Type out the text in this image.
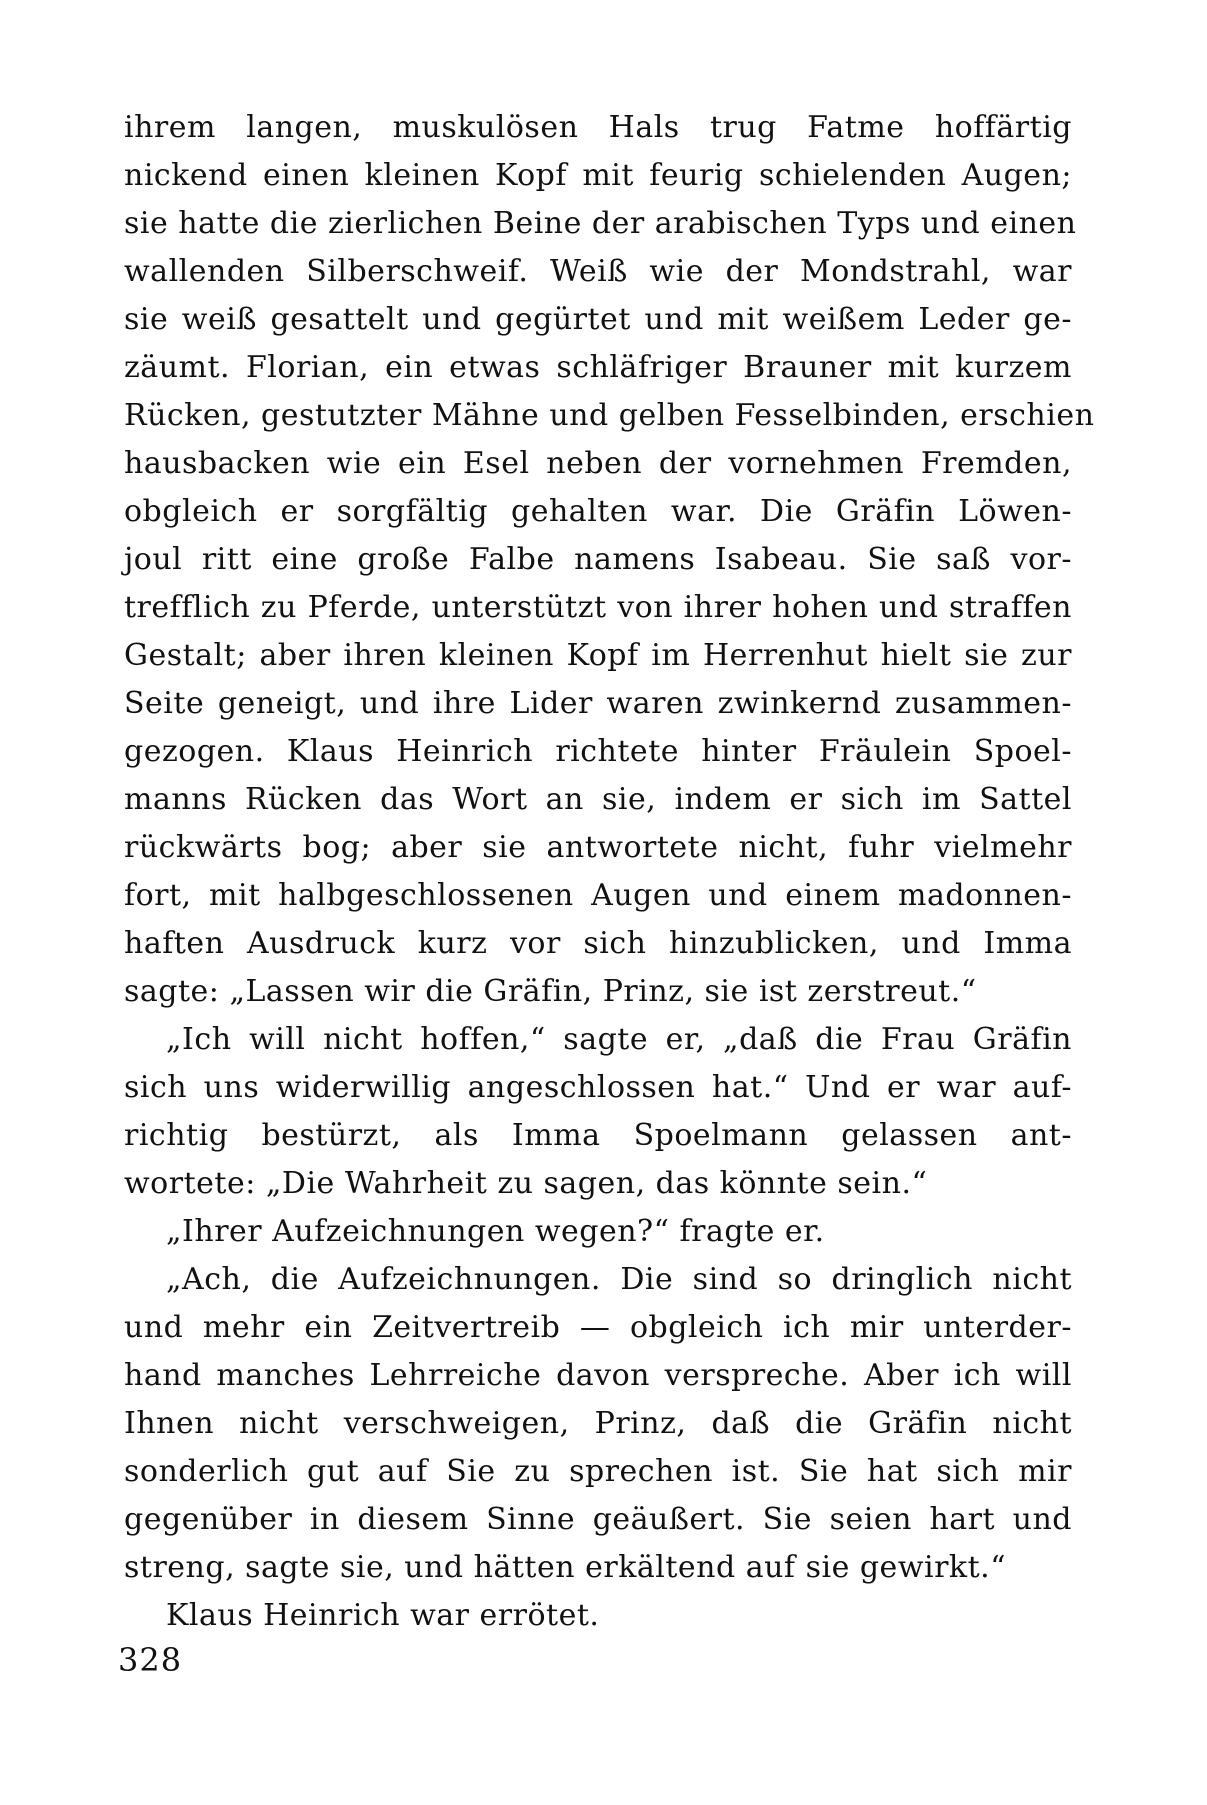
ihrem langen, muskulösen Hals trug Fatme hoffärtig
nickend einen kleinen Kopf mit feurig schielenden Augen;
sie hatte die zierlichen Beine der arabischen Typs und einen
wallenden Silberschweif. Weiß wie der Mondstrahl, war
sie weiß gesattelt und gegürtet und mit weißem Leder ge-
zäumt. Florian, ein etwas schläfriger Brauner mit kurzem
Rücken, gestutzter Mähne und gelben Fesselbinden, erschien
hausbacken wie ein Esel neben der vornehmen Fremden,
obgleich er sorgfältig gehalten war. Die Gräfin Löwen-
joul ritt eine große Falbe namens Isabeau. Sie saß vor-
trefflich zu Pferde, unterstützt von ihrer hohen und straffen
Gestalt; aber ihren kleinen Kopf im Herrenhut hielt sie zur
Seite geneigt, und ihre Lider waren zwinkernd zusammen-
gezogen. Klaus Heinrich richtete hinter Fräulein Spoel-
manns Rücken das Wort an sie, indem er sich im Sattel
rückwärts bog; aber sie antwortete nicht, fuhr vielmehr
fort, mit halbgeschlossenen Augen und einem madonnen-
haften Ausdruck kurz vor sich hinzublicken, und Imma
sagte: „Lassen wir die Gräfin, Prinz, sie ist zerstreut.“
„Ich will nicht hoffen,“ sagte er, „daß die Frau Gräfin
sich uns widerwillig angeschlossen hat.“ Und er war auf-
richtig bestürzt, als Imma Spoelmann gelassen ant-
wortete: „Die Wahrheit zu sagen, das könnte sein.“
„Ihrer Aufzeichnungen wegen?“ fragte er.
„Ach, die Aufzeichnungen. Die sind so dringlich nicht
und mehr ein Zeitvertreib — obgleich ich mir unterder-
hand manches Lehrreiche davon verspreche. Aber ich will
Ihnen nicht verschweigen, Prinz, daß die Gräfin nicht
sonderlich gut auf Sie zu sprechen ist. Sie hat sich mir
gegenüber in diesem Sinne geäußert. Sie seien hart und
streng, sagte sie, und hätten erkältend auf sie gewirkt.“
Klaus Heinrich war errötet.
328
